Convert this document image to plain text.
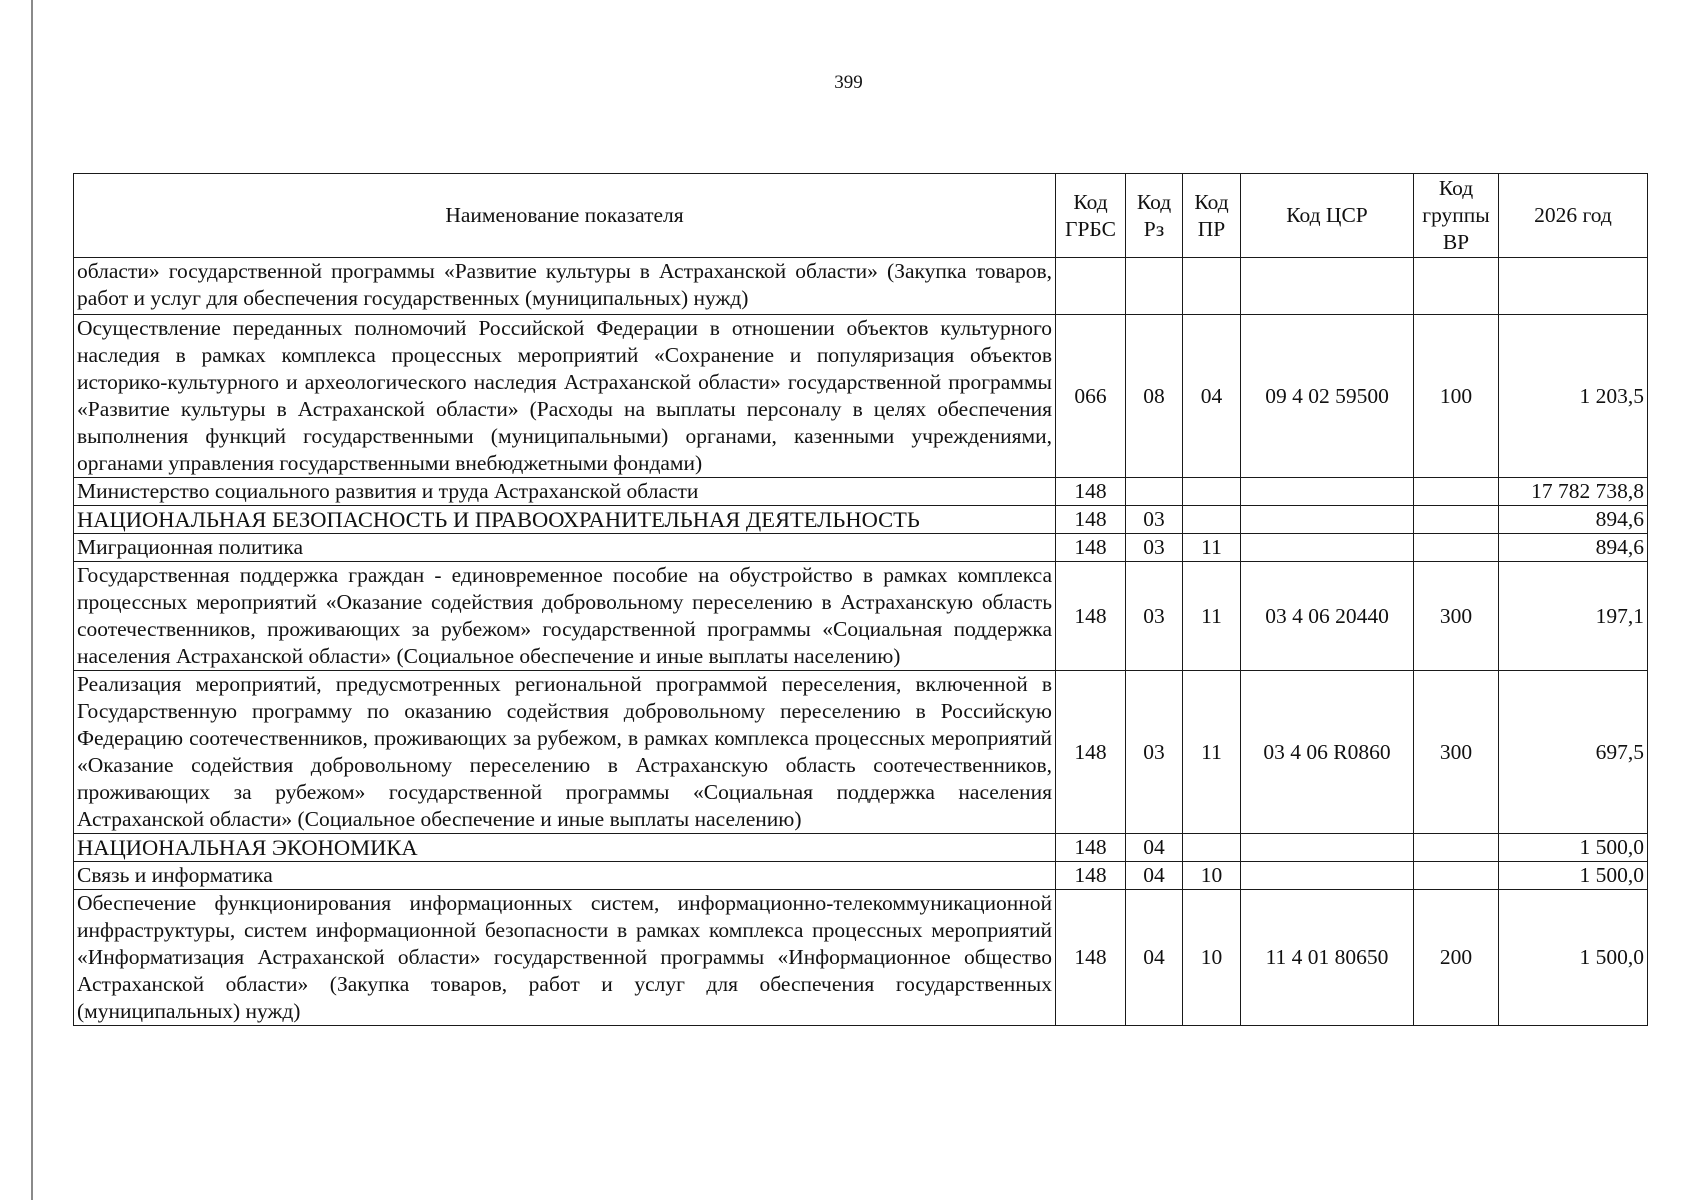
399
Наименование показателя	Код ГРБС	Код Рз	Код ПР	Код ЦСР	Код группы ВР	2026 год
области» государственной программы «Развитие культуры в Астраханской области» (Закупка товаров, работ и услуг для обеспечения государственных (муниципальных) нужд)						
Осуществление переданных полномочий Российской Федерации в отношении объектов культурного наследия в рамках комплекса процессных мероприятий «Сохранение и популяризация объектов историко-культурного и археологического наследия Астраханской области» государственной программы «Развитие культуры в Астраханской области» (Расходы на выплаты персоналу в целях обеспечения выполнения функций государственными (муниципальными) органами, казенными учреждениями, органами управления государственными внебюджетными фондами)	066	08	04	09 4 02 59500	100	1 203,5
Министерство социального развития и труда Астраханской области	148					17 782 738,8
НАЦИОНАЛЬНАЯ БЕЗОПАСНОСТЬ И ПРАВООХРАНИТЕЛЬНАЯ ДЕЯТЕЛЬНОСТЬ	148	03				894,6
Миграционная политика	148	03	11			894,6
Государственная поддержка граждан - единовременное пособие на обустройство в рамках комплекса процессных мероприятий «Оказание содействия добровольному переселению в Астраханскую область соотечественников, проживающих за рубежом» государственной программы «Социальная поддержка населения Астраханской области» (Социальное обеспечение и иные выплаты населению)	148	03	11	03 4 06 20440	300	197,1
Реализация мероприятий, предусмотренных региональной программой переселения, включенной в Государственную программу по оказанию содействия добровольному переселению в Российскую Федерацию соотечественников, проживающих за рубежом, в рамках комплекса процессных мероприятий «Оказание содействия добровольному переселению в Астраханскую область соотечественников, проживающих за рубежом» государственной программы «Социальная поддержка населения Астраханской области» (Социальное обеспечение и иные выплаты населению)	148	03	11	03 4 06 R0860	300	697,5
НАЦИОНАЛЬНАЯ ЭКОНОМИКА	148	04				1 500,0
Связь и информатика	148	04	10			1 500,0
Обеспечение функционирования информационных систем, информационно-телекоммуникационной инфраструктуры, систем информационной безопасности в рамках комплекса процессных мероприятий «Информатизация Астраханской области» государственной программы «Информационное общество Астраханской области» (Закупка товаров, работ и услуг для обеспечения государственных (муниципальных) нужд)	148	04	10	11 4 01 80650	200	1 500,0
